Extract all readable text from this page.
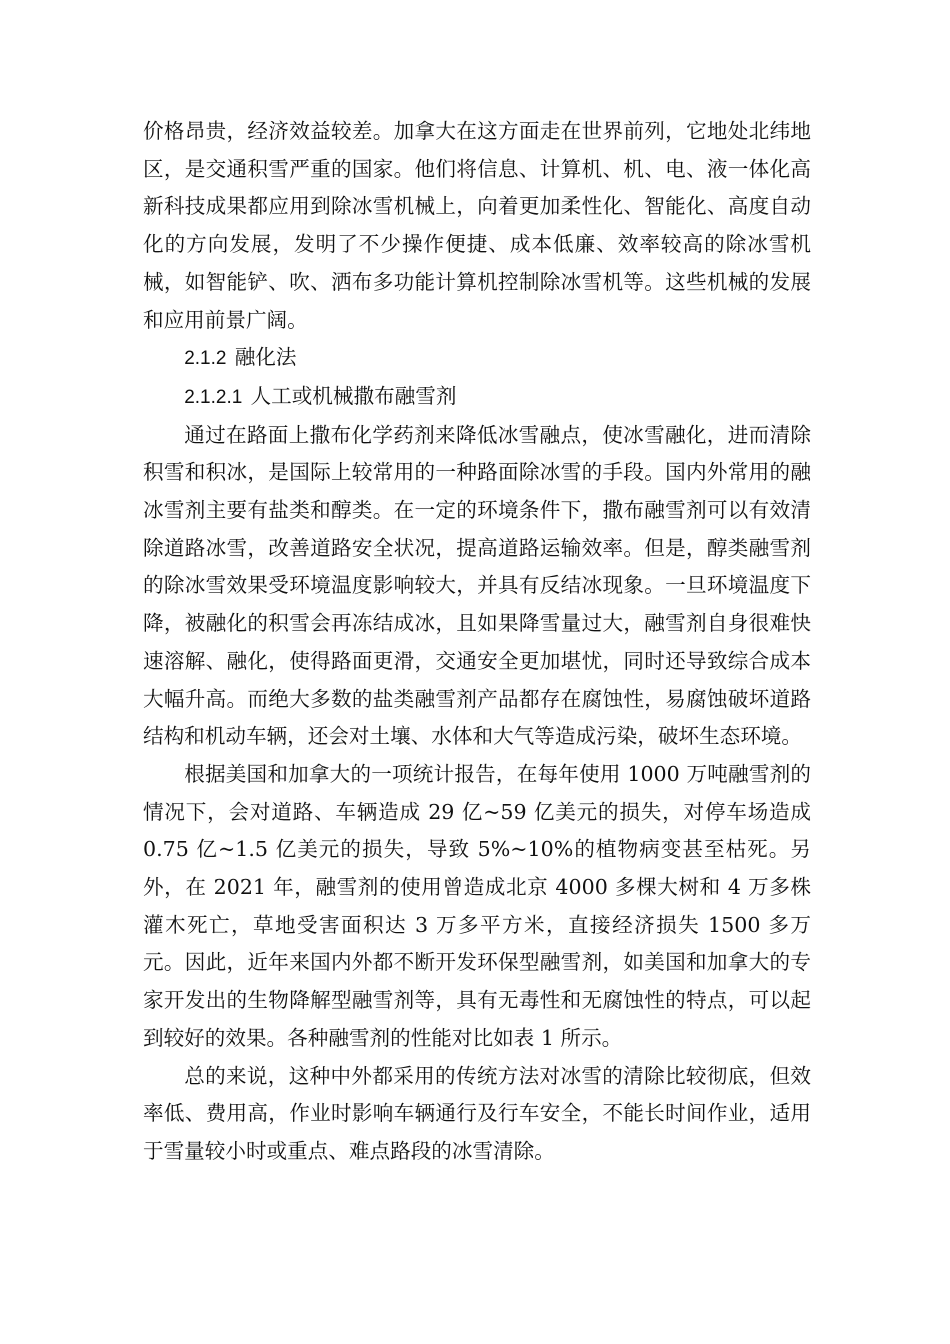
价格昂贵，经济效益较差。加拿大在这方面走在世界前列，它地处北纬地区，是交通积雪严重的国家。他们将信息、计算机、机、电、液一体化高新科技成果都应用到除冰雪机械上，向着更加柔性化、智能化、高度自动化的方向发展，发明了不少操作便捷、成本低廉、效率较高的除冰雪机械，如智能铲、吹、洒布多功能计算机控制除冰雪机等。这些机械的发展和应用前景广阔。

2.1.2 融化法

2.1.2.1 人工或机械撒布融雪剂

通过在路面上撒布化学药剂来降低冰雪融点，使冰雪融化，进而清除积雪和积冰，是国际上较常用的一种路面除冰雪的手段。国内外常用的融冰雪剂主要有盐类和醇类。在一定的环境条件下，撒布融雪剂可以有效清除道路冰雪，改善道路安全状况，提高道路运输效率。但是，醇类融雪剂的除冰雪效果受环境温度影响较大，并具有反结冰现象。一旦环境温度下降，被融化的积雪会再冻结成冰，且如果降雪量过大，融雪剂自身很难快速溶解、融化，使得路面更滑，交通安全更加堪忧，同时还导致综合成本大幅升高。而绝大多数的盐类融雪剂产品都存在腐蚀性，易腐蚀破坏道路结构和机动车辆，还会对土壤、水体和大气等造成污染，破坏生态环境。

根据美国和加拿大的一项统计报告，在每年使用 1000 万吨融雪剂的情况下，会对道路、车辆造成 29 亿~59 亿美元的损失，对停车场造成 0.75 亿~1.5 亿美元的损失，导致 5%~10%的植物病变甚至枯死。另外，在 2021 年，融雪剂的使用曾造成北京 4000 多棵大树和 4 万多株灌木死亡，草地受害面积达 3 万多平方米，直接经济损失 1500 多万元。因此，近年来国内外都不断开发环保型融雪剂，如美国和加拿大的专家开发出的生物降解型融雪剂等，具有无毒性和无腐蚀性的特点，可以起到较好的效果。各种融雪剂的性能对比如表 1 所示。

总的来说，这种中外都采用的传统方法对冰雪的清除比较彻底，但效率低、费用高，作业时影响车辆通行及行车安全，不能长时间作业，适用于雪量较小时或重点、难点路段的冰雪清除。
